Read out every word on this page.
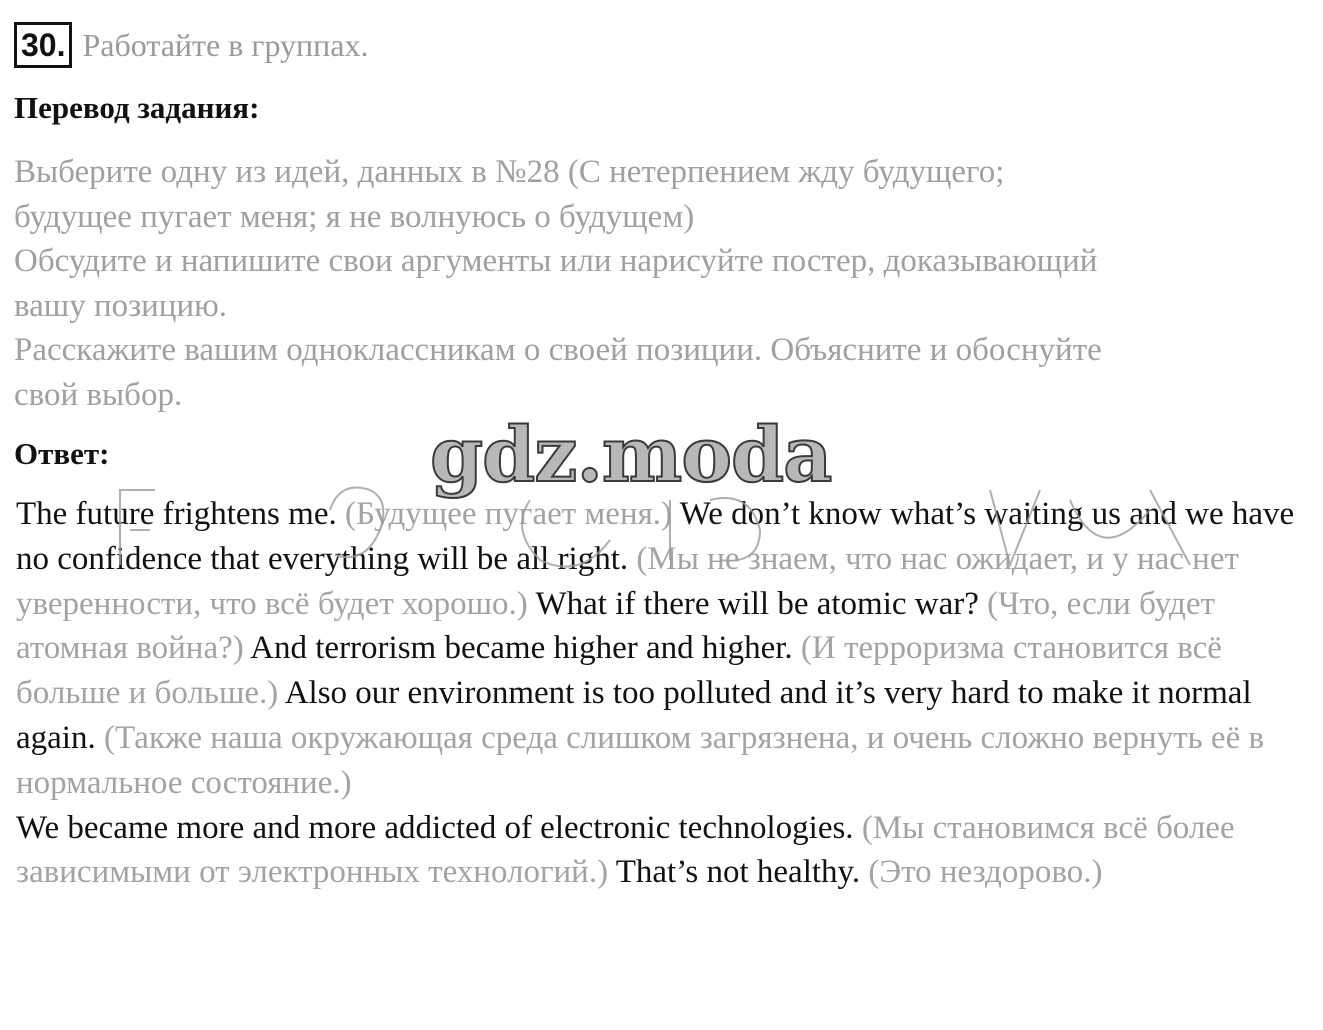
30. Работайте в группах.
Перевод задания:

Выберите одну из идей, данных в №28 (С нетерпением жду будущего;

будущее пугает меня; я не волнуюсь о будущем)

Обсудите и напишите свои аргументы или нарисуйте постер, доказывающий

вашу позицию.

Расскажите вашим одноклассникам о своей позиции. Объясните и обоснуйте

свой выбор.

Ответ:

The future frightens me. (Будущее пугает меня.) We don’t know what’s waiting us and we have no confidence that everything will be all right. (Мы не знаем, что нас ожидает, и у нас нет уверенности, что всё будет хорошо.) What if there will be atomic war? (Что, если будет атомная война?) And terrorism became higher and higher. (И терроризма становится всё больше и больше.) Also our environment is too polluted and it’s very hard to make it normal again. (Также наша окружающая среда слишком загрязнена, и очень сложно вернуть её в нормальное состояние.)

We became more and more addicted of electronic technologies. (Мы становимся всё более зависимыми от электронных технологий.) That’s not healthy. (Это нездорово.)

gdz.moda
